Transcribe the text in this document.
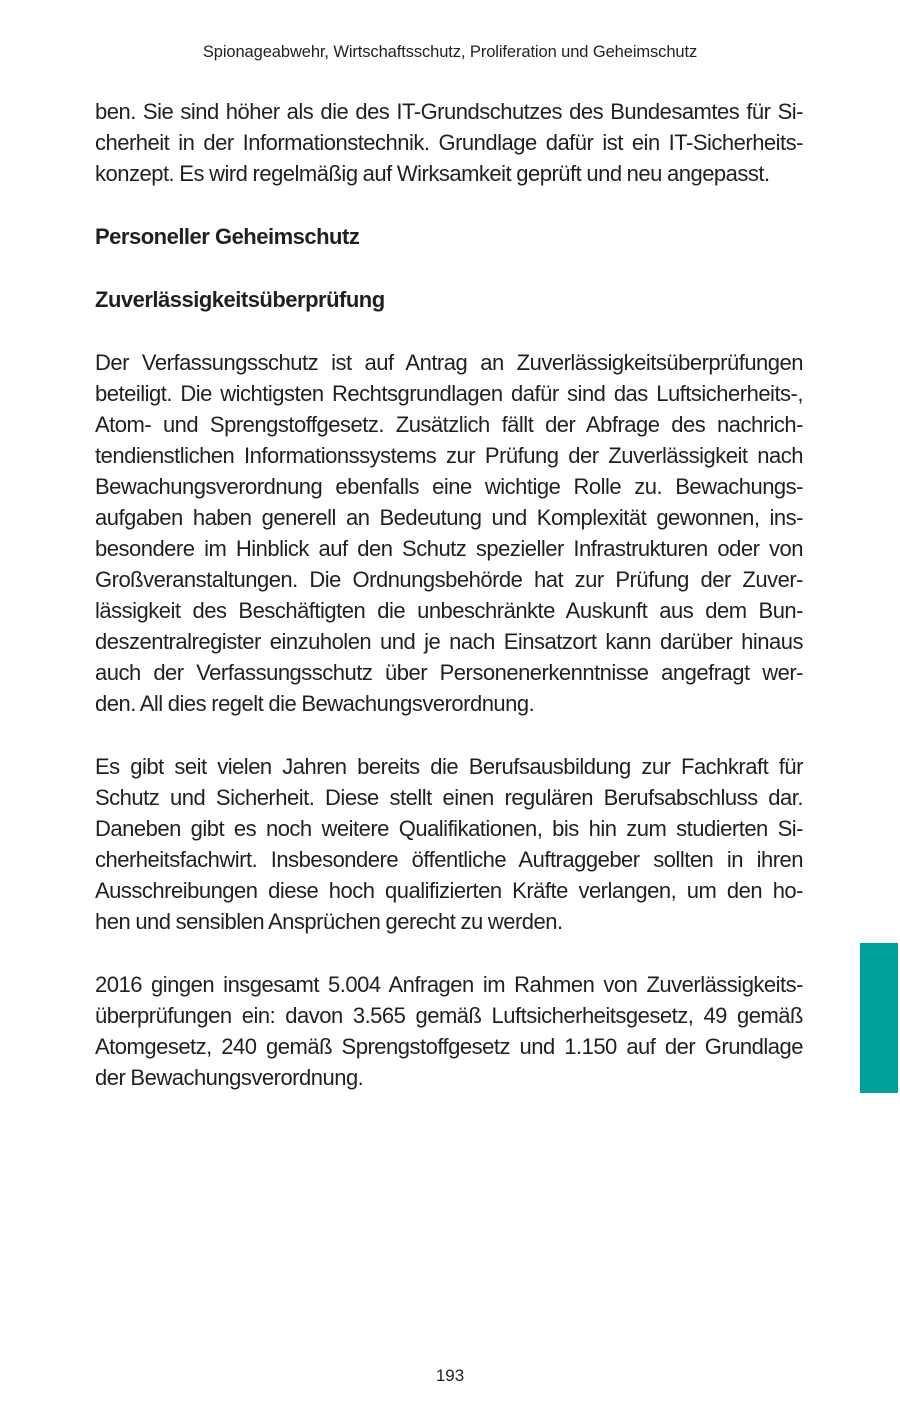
Spionageabwehr, Wirtschaftsschutz, Proliferation und Geheimschutz

ben. Sie sind höher als die des IT-Grundschutzes des Bundesamtes für Si-
cherheit in der Informationstechnik. Grundlage dafür ist ein IT-Sicherheits-
konzept. Es wird regelmäßig auf Wirksamkeit geprüft und neu angepasst.

Personeller Geheimschutz
Zuverlässigkeitsüberprüfung

Der Verfassungsschutz ist auf Antrag an Zuverlässigkeitsüberprüfungen
beteiligt. Die wichtigsten Rechtsgrundlagen dafür sind das Luftsicherheits-,
Atom- und Sprengstoffgesetz. Zusätzlich fällt der Abfrage des nachrich-
tendienstlichen Informationssystems zur Prüfung der Zuverlässigkeit nach
Bewachungsverordnung ebenfalls eine wichtige Rolle zu. Bewachungs-
aufgaben haben generell an Bedeutung und Komplexität gewonnen, ins-
besondere im Hinblick auf den Schutz spezieller Infrastrukturen oder von
Großveranstaltungen. Die Ordnungsbehörde hat zur Prüfung der Zuver-
lässigkeit des Beschäftigten die unbeschränkte Auskunft aus dem Bun-
deszentralregister einzuholen und je nach Einsatzort kann darüber hinaus
auch der Verfassungsschutz über Personenerkenntnisse angefragt wer-
den. All dies regelt die Bewachungsverordnung.

Es gibt seit vielen Jahren bereits die Berufsausbildung zur Fachkraft für
Schutz und Sicherheit. Diese stellt einen regulären Berufsabschluss dar.
Daneben gibt es noch weitere Qualifikationen, bis hin zum studierten Si-
cherheitsfachwirt. Insbesondere öffentliche Auftraggeber sollten in ihren
Ausschreibungen diese hoch qualifizierten Kräfte verlangen, um den ho-
hen und sensiblen Ansprüchen gerecht zu werden.

2016 gingen insgesamt 5.004 Anfragen im Rahmen von Zuverlässigkeits-
überprüfungen ein: davon 3.565 gemäß Luftsicherheitsgesetz, 49 gemäß
Atomgesetz, 240 gemäß Sprengstoffgesetz und 1.150 auf der Grundlage
der Bewachungsverordnung.

193
